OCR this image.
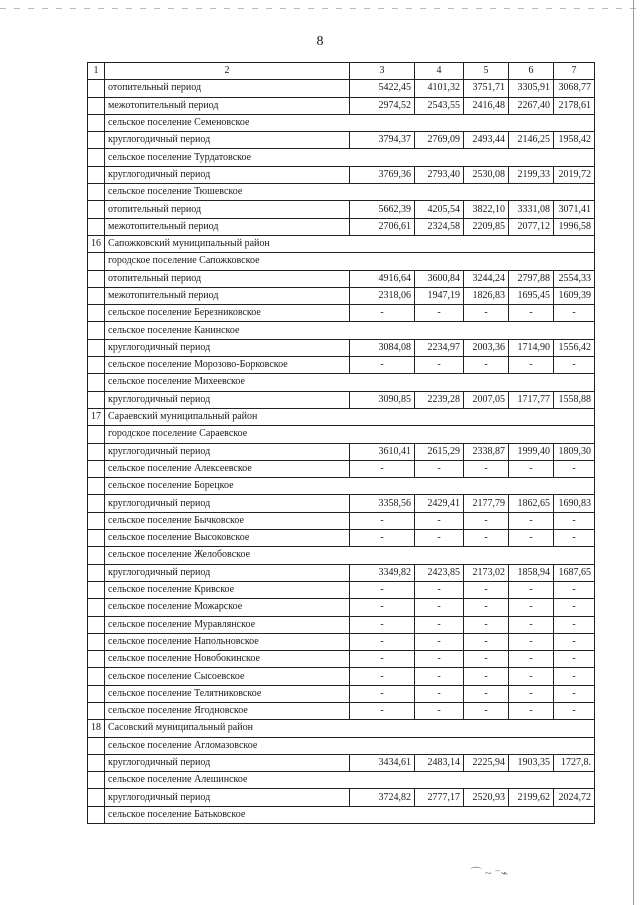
8
1	2	3	4	5	6	7
	отопительный период	5422,45	4101,32	3751,71	3305,91	3068,77
	межотопительный период	2974,52	2543,55	2416,48	2267,40	2178,61
	сельское поселение Семеновское					
	круглогодичный период	3794,37	2769,09	2493,44	2146,25	1958,42
	сельское поселение Турдатовское					
	круглогодичный период	3769,36	2793,40	2530,08	2199,33	2019,72
	сельское поселение Тюшевское					
	отопительный период	5662,39	4205,54	3822,10	3331,08	3071,41
	межотопительный период	2706,61	2324,58	2209,85	2077,12	1996,58
16	Сапожковский муниципальный район					
	городское поселение Сапожковское					
	отопительный период	4916,64	3600,84	3244,24	2797,88	2554,33
	межотопительный период	2318,06	1947,19	1826,83	1695,45	1609,39
	сельское поселение Березниковское	-	-	-	-	-
	сельское поселение Канинское					
	круглогодичный период	3084,08	2234,97	2003,36	1714,90	1556,42
	сельское поселение Морозово-Борковское	-	-	-	-	-
	сельское поселение Михеевское					
	круглогодичный период	3090,85	2239,28	2007,05	1717,77	1558,88
17	Сараевский муниципальный район					
	городское поселение Сараевское					
	круглогодичный период	3610,41	2615,29	2338,87	1999,40	1809,30
	сельское поселение Алексеевское	-	-	-	-	-
	сельское поселение Борецкое					
	круглогодичный период	3358,56	2429,41	2177,79	1862,65	1690,83
	сельское поселение Бычковское	-	-	-	-	-
	сельское поселение Высоковское	-	-	-	-	-
	сельское поселение Желобовское					
	круглогодичный период	3349,82	2423,85	2173,02	1858,94	1687,65
	сельское поселение Кривское	-	-	-	-	-
	сельское поселение Можарское	-	-	-	-	-
	сельское поселение Муравлянское	-	-	-	-	-
	сельское поселение Напольновское	-	-	-	-	-
	сельское поселение Новобокинское	-	-	-	-	-
	сельское поселение Сысоевское	-	-	-	-	-
	сельское поселение Телятниковское	-	-	-	-	-
	сельское поселение Ягодновское	-	-	-	-	-
18	Сасовский муниципальный район					
	сельское поселение Агломазовское					
	круглогодичный период	3434,61	2483,14	2225,94	1903,35	1727,8.
	сельское поселение Алешинское					
	круглогодичный период	3724,82	2777,17	2520,93	2199,62	2024,72
	сельское поселение Батьковское					
⌒ ~ ⁻⌁
